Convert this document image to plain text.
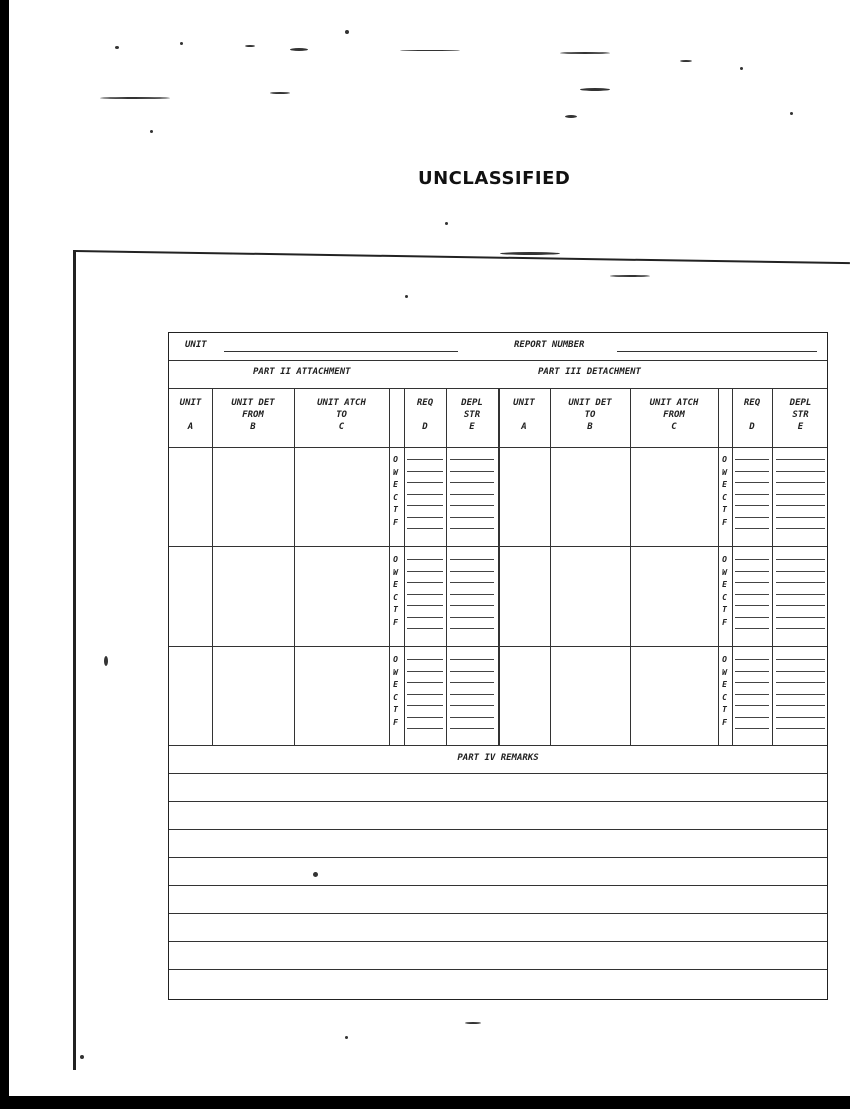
UNCLASSIFIED
UNIT	REPORT NUMBER
PART II ATTACHMENT	PART III DETACHMENT
UNIT

A
UNIT DET
FROM
B
UNIT ATCH
TO
C
REQ

D
DEPL
STR
E
UNIT

A
UNIT DET
TO
B
UNIT ATCH
FROM
C
REQ

D
DEPL
STR
E
O
W
E
C
T
F
O
W
E
C
T
F
O
W
E
C
T
F
O
W
E
C
T
F
O
W
E
C
T
F
O
W
E
C
T
F
PART IV REMARKS
